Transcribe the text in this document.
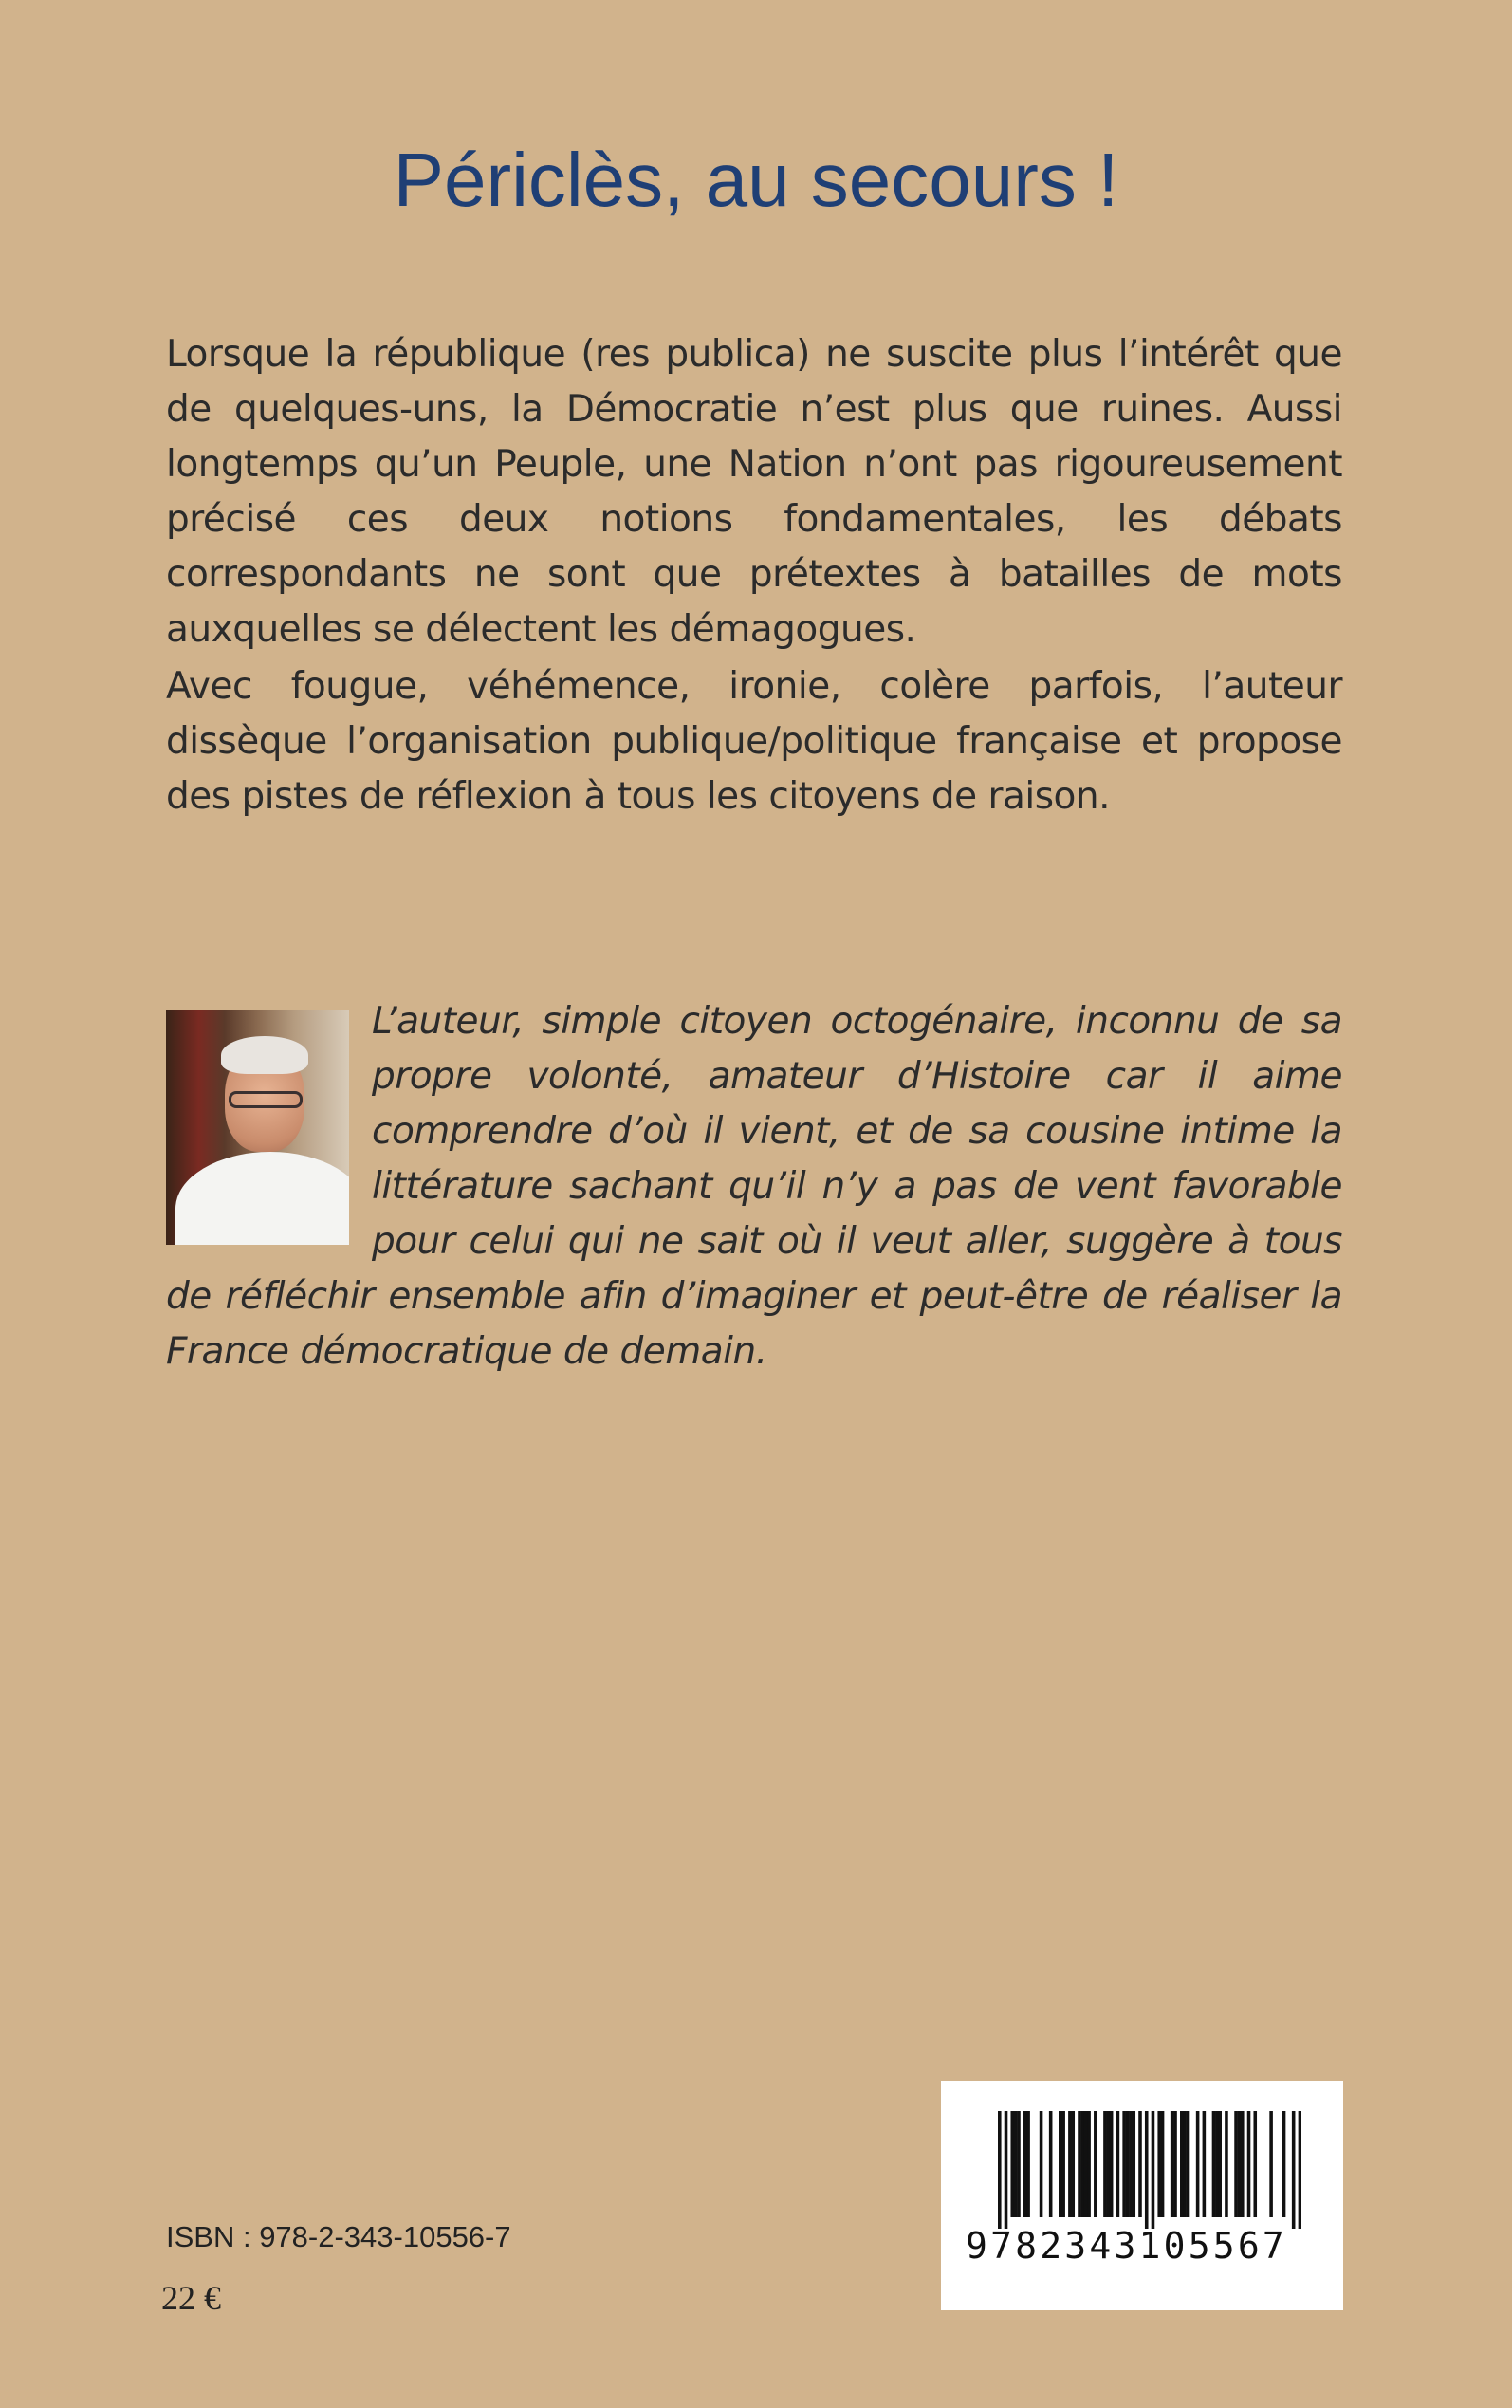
Périclès, au secours !

Lorsque la république (res publica) ne suscite plus l’intérêt que de quelques-uns, la Démocratie n’est plus que ruines. Aussi longtemps qu’un Peuple, une Nation n’ont pas rigoureusement précisé ces deux notions fondamentales, les débats correspondants ne sont que prétextes à batailles de mots auxquelles se délectent les démagogues.

Avec fougue, véhémence, ironie, colère parfois, l’auteur dissèque l’organisation publique/politique française et propose des pistes de réflexion à tous les citoyens de raison.

L’auteur, simple citoyen octogénaire, inconnu de sa propre volonté, amateur d’Histoire car il aime comprendre d’où il vient, et de sa cousine intime la littérature sachant qu’il n’y a pas de vent favorable pour celui qui ne sait où il veut aller, suggère à tous de réfléchir ensemble afin d’imaginer et peut-être de réaliser la France démocratique de demain.

ISBN : 978-2-343-10556-7

22 €

9782343105567
